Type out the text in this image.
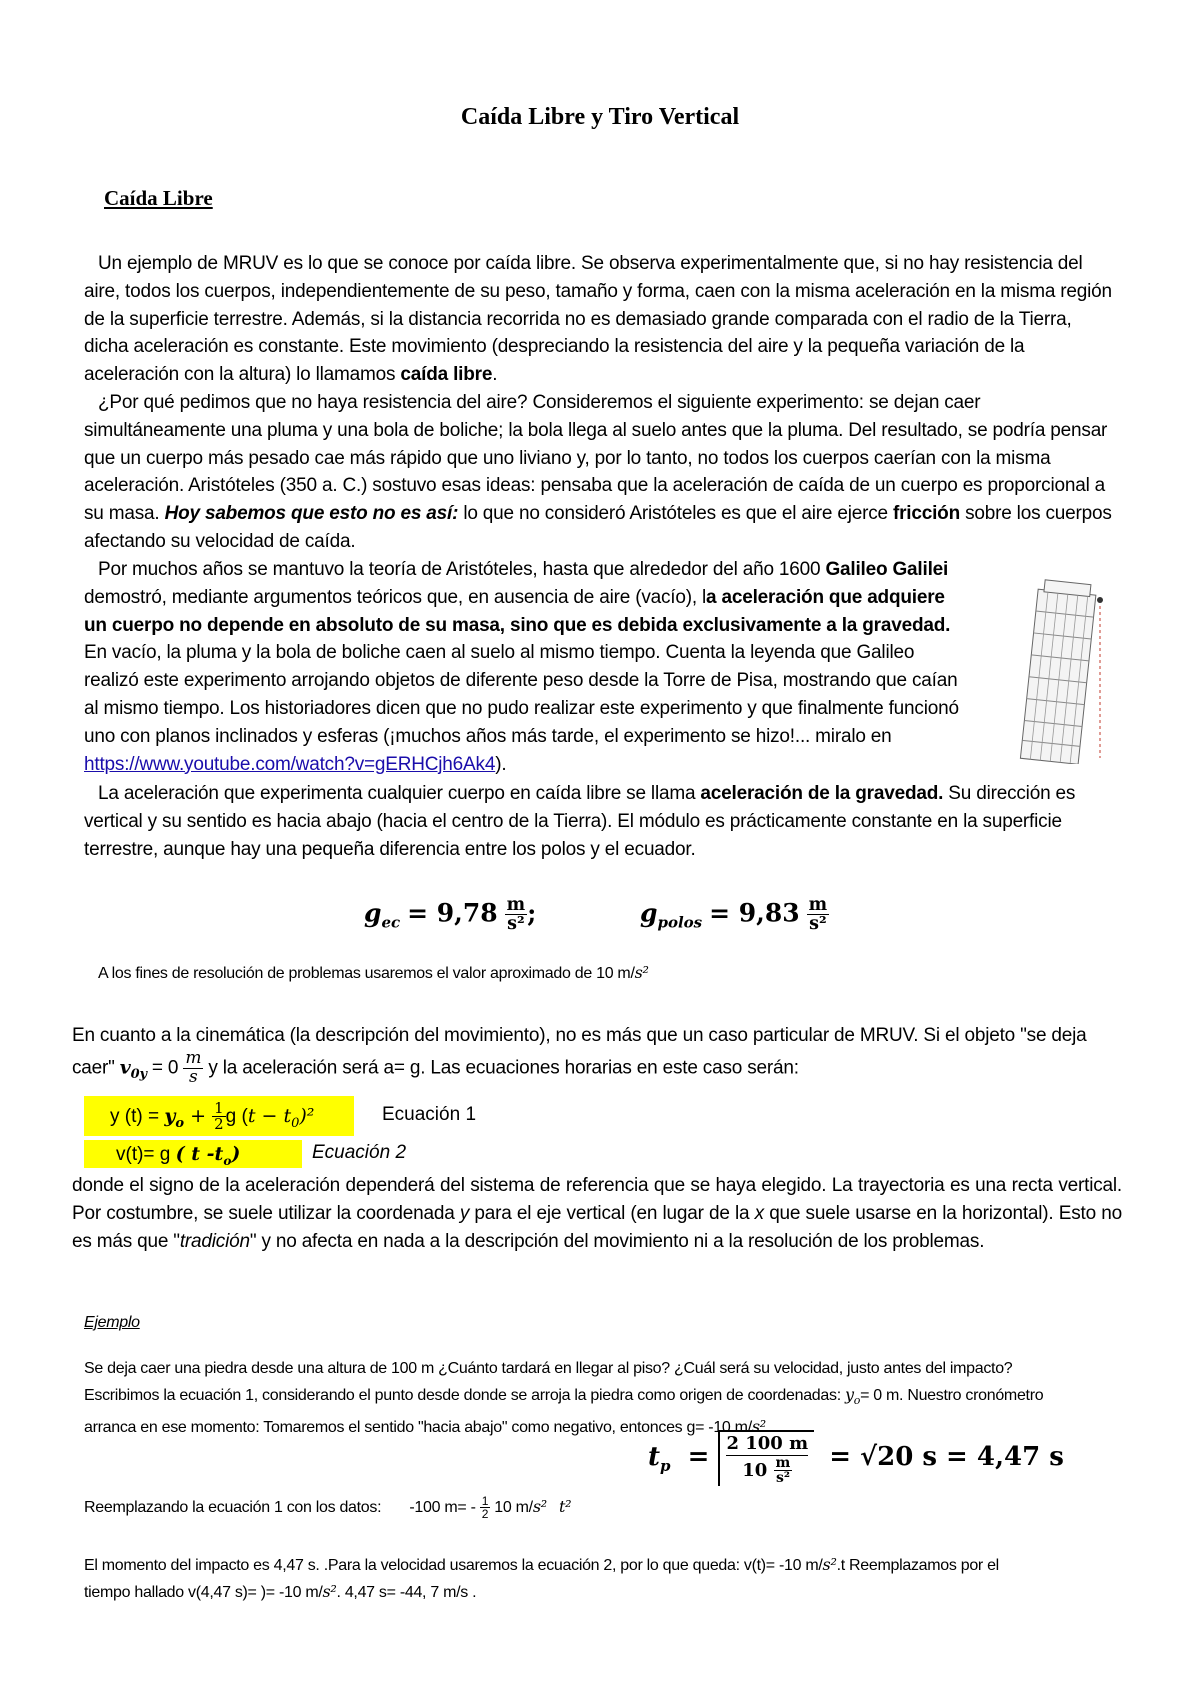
Caída Libre y Tiro Vertical
Caída Libre

Un ejemplo de MRUV es lo que se conoce por caída libre. Se observa experimentalmente que, si no hay resistencia del aire, todos los cuerpos, independientemente de su peso, tamaño y forma, caen con la misma aceleración en la misma región de la superficie terrestre. Además, si la distancia recorrida no es demasiado grande comparada con el radio de la Tierra, dicha aceleración es constante. Este movimiento (despreciando la resistencia del aire y la pequeña variación de la aceleración con la altura) lo llamamos caída libre.

¿Por qué pedimos que no haya resistencia del aire? Consideremos el siguiente experimento: se dejan caer simultáneamente una pluma y una bola de boliche; la bola llega al suelo antes que la pluma. Del resultado, se podría pensar que un cuerpo más pesado cae más rápido que uno liviano y, por lo tanto, no todos los cuerpos caerían con la misma aceleración. Aristóteles (350 a. C.) sostuvo esas ideas: pensaba que la aceleración de caída de un cuerpo es proporcional a su masa. Hoy sabemos que esto no es así: lo que no consideró Aristóteles es que el aire ejerce fricción sobre los cuerpos afectando su velocidad de caída.

Por muchos años se mantuvo la teoría de Aristóteles, hasta que alrededor del año 1600 Galileo Galilei demostró, mediante argumentos teóricos que, en ausencia de aire (vacío), la aceleración que adquiere un cuerpo no depende en absoluto de su masa, sino que es debida exclusivamente a la gravedad. En vacío, la pluma y la bola de boliche caen al suelo al mismo tiempo. Cuenta la leyenda que Galileo realizó este experimento arrojando objetos de diferente peso desde la Torre de Pisa, mostrando que caían al mismo tiempo. Los historiadores dicen que no pudo realizar este experimento y que finalmente funcionó uno con planos inclinados y esferas (¡muchos años más tarde, el experimento se hizo!... miralo en https://www.youtube.com/watch?v=gERHCjh6Ak4).

La aceleración que experimenta cualquier cuerpo en caída libre se llama aceleración de la gravedad. Su dirección es vertical y su sentido es hacia abajo (hacia el centro de la Tierra). El módulo es prácticamente constante en la superficie terrestre, aunque hay una pequeña diferencia entre los polos y el ecuador.

$g_{ec} = 9,78 \frac{m}{\text{s²}}$ ;	$g_{polos} = 9,83 \frac{m}{\text{s²}}$
A los fines de resolución de problemas usaremos el valor aproximado de 10 m/s²

En cuanto a la cinemática (la descripción del movimiento), no es más que un caso particular de MRUV. Si el objeto "se deja caer" $v_{0y} = 0 \frac{m}{s}$ y la aceleración será a= g. Las ecuaciones horarias en este caso serán:

y $(t) = y_o + \frac{1}{2}$ g $(t - t_0)^2$	Ecuación 1
v(t)= g ( t $-t_o$)	Ecuación 2

donde el signo de la aceleración dependerá del sistema de referencia que se haya elegido. La trayectoria es una recta vertical. Por costumbre, se suele utilizar la coordenada y para el eje vertical (en lugar de la x que suele usarse en la horizontal). Esto no es más que "tradición" y no afecta en nada a la descripción del movimiento ni a la resolución de los problemas.

Ejemplo
Se deja caer una piedra desde una altura de 100 m ¿Cuánto tardará en llegar al piso? ¿Cuál será su velocidad, justo antes del impacto?
Escribimos la ecuación 1, considerando el punto desde donde se arroja la piedra como origen de coordenadas: $y_o= 0$ m. Nuestro cronómetro
arranca en ese momento: Tomaremos el sentido "hacia abajo" como negativo, entonces g= -10 m/s²
$t_p = \frac{2 100 m}{10 \frac{m}{\text{s²}}} = √20$ s = 4,47 s
Reemplazando la ecuación 1 con los datos: -100 $m= - \frac{1}{2} 10$ m/s² t²
El momento del impacto es 4,47 s. .Para la velocidad usaremos la ecuación 2, por lo que queda: v(t)= -10 m/s².t Reemplazamos por el
tiempo hallado v(4,47 s)= )= -10 m/s². 4,47 s= -44, 7 m/s .
